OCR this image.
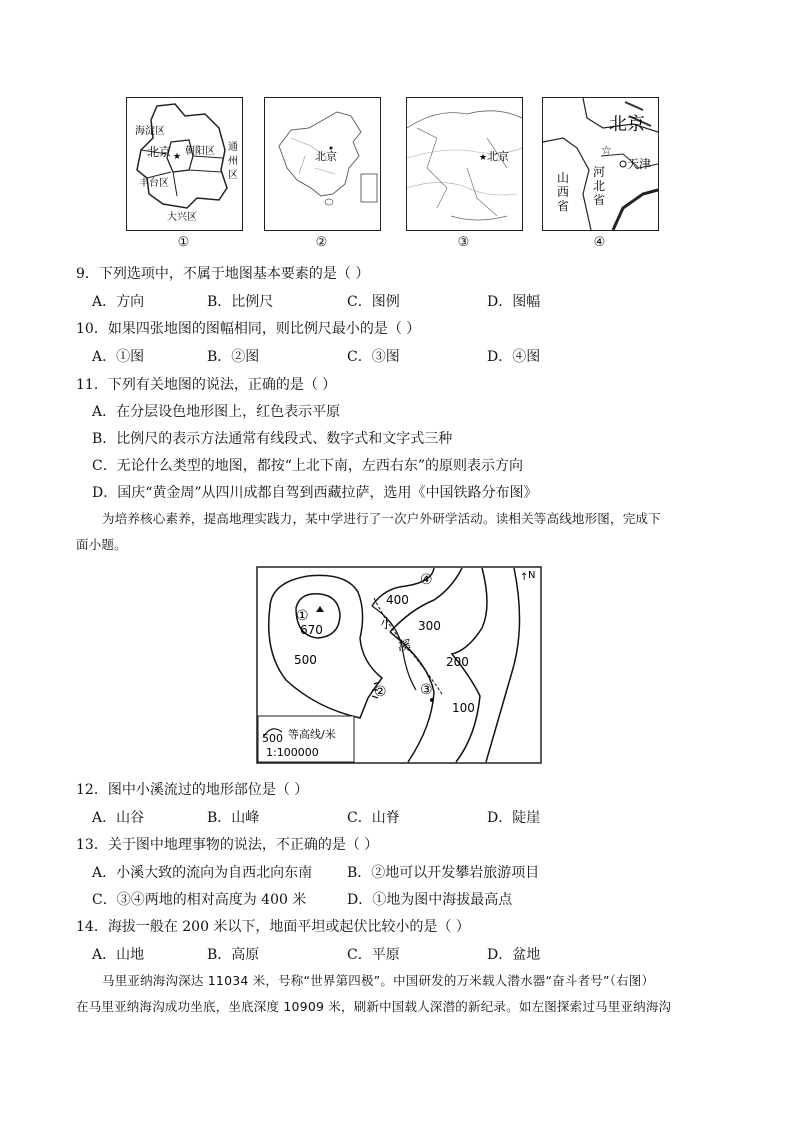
海淀区
北京 ★ 朝阳区 通
州
区
丰台区
大兴区
①
北京
②
★ 北京
③
北京
☆
河
北
省
山
西
省
天津
④
9．下列选项中，不属于地图基本要素的是（ ）
A．方向	B．比例尺	C．图例	D．图幅
10．如果四张地图的图幅相同，则比例尺最小的是（ ）
A．①图	B．②图	C．③图	D．④图
11．下列有关地图的说法，正确的是（ ）
A．在分层设色地形图上，红色表示平原
B．比例尺的表示方法通常有线段式、数字式和文字式三种
C．无论什么类型的地图，都按“上北下南，左西右东”的原则表示方向
D．国庆“黄金周”从四川成都自驾到西藏拉萨，选用《中国铁路分布图》
为培养核心素养，提高地理实践力，某中学进行了一次户外研学活动。读相关等高线地形图，完成下
面小题。
①
670
500
400
300
200
100
② ③
④
小
溪
↑ N
500 等高线/米
1:100000
12．图中小溪流过的地形部位是（ ）
A．山谷	B．山峰	C．山脊	D．陡崖
13．关于图中地理事物的说法，不正确的是（ ）
A．小溪大致的流向为自西北向东南 B．②地可以开发攀岩旅游项目
C．③④两地的相对高度为 400 米	D．①地为图中海拔最高点
14．海拔一般在 200 米以下，地面平坦或起伏比较小的是（ ）
A．山地	B．高原	C．平原	D．盆地
马里亚纳海沟深达 11034 米，号称“世界第四极”。中国研发的万米载人潜水器“奋斗者号”（右图）
在马里亚纳海沟成功坐底，坐底深度 10909 米，刷新中国载人深潜的新纪录。如左图探索过马里亚纳海沟
